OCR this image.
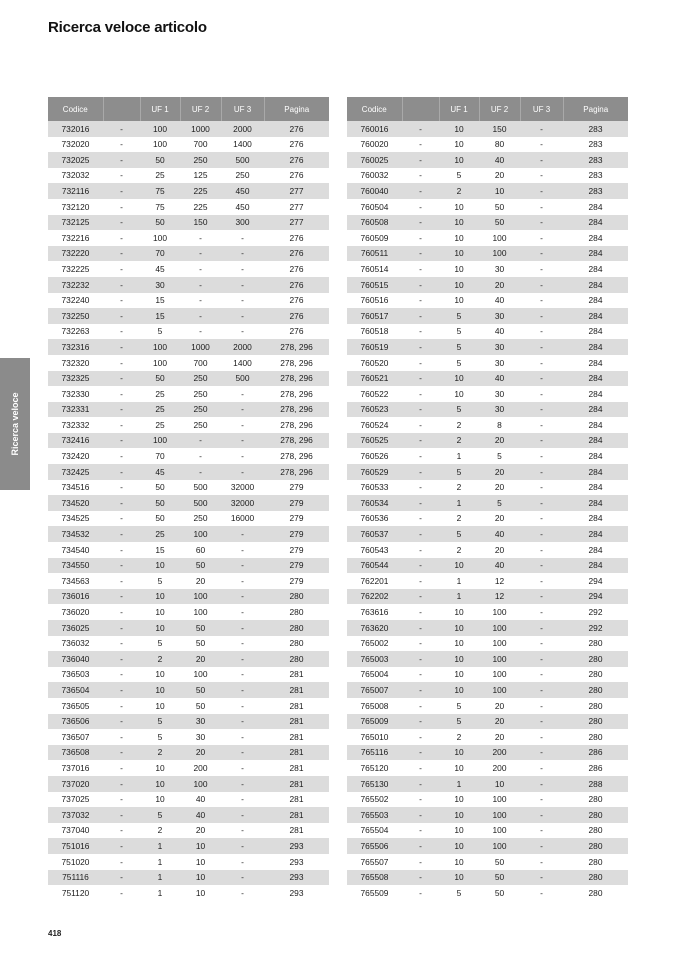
Ricerca veloce articolo
Ricerca veloce
Codice		UF 1	UF 2	UF 3	Pagina
732016	-	100	1000	2000	276
732020	-	100	700	1400	276
732025	-	50	250	500	276
732032	-	25	125	250	276
732116	-	75	225	450	277
732120	-	75	225	450	277
732125	-	50	150	300	277
732216	-	100	-	-	276
732220	-	70	-	-	276
732225	-	45	-	-	276
732232	-	30	-	-	276
732240	-	15	-	-	276
732250	-	15	-	-	276
732263	-	5	-	-	276
732316	-	100	1000	2000	278, 296
732320	-	100	700	1400	278, 296
732325	-	50	250	500	278, 296
732330	-	25	250	-	278, 296
732331	-	25	250	-	278, 296
732332	-	25	250	-	278, 296
732416	-	100	-	-	278, 296
732420	-	70	-	-	278, 296
732425	-	45	-	-	278, 296
734516	-	50	500	32000	279
734520	-	50	500	32000	279
734525	-	50	250	16000	279
734532	-	25	100	-	279
734540	-	15	60	-	279
734550	-	10	50	-	279
734563	-	5	20	-	279
736016	-	10	100	-	280
736020	-	10	100	-	280
736025	-	10	50	-	280
736032	-	5	50	-	280
736040	-	2	20	-	280
736503	-	10	100	-	281
736504	-	10	50	-	281
736505	-	10	50	-	281
736506	-	5	30	-	281
736507	-	5	30	-	281
736508	-	2	20	-	281
737016	-	10	200	-	281
737020	-	10	100	-	281
737025	-	10	40	-	281
737032	-	5	40	-	281
737040	-	2	20	-	281
751016	-	1	10	-	293
751020	-	1	10	-	293
751116	-	1	10	-	293
751120	-	1	10	-	293
Codice		UF 1	UF 2	UF 3	Pagina
760016	-	10	150	-	283
760020	-	10	80	-	283
760025	-	10	40	-	283
760032	-	5	20	-	283
760040	-	2	10	-	283
760504	-	10	50	-	284
760508	-	10	50	-	284
760509	-	10	100	-	284
760511	-	10	100	-	284
760514	-	10	30	-	284
760515	-	10	20	-	284
760516	-	10	40	-	284
760517	-	5	30	-	284
760518	-	5	40	-	284
760519	-	5	30	-	284
760520	-	5	30	-	284
760521	-	10	40	-	284
760522	-	10	30	-	284
760523	-	5	30	-	284
760524	-	2	8	-	284
760525	-	2	20	-	284
760526	-	1	5	-	284
760529	-	5	20	-	284
760533	-	2	20	-	284
760534	-	1	5	-	284
760536	-	2	20	-	284
760537	-	5	40	-	284
760543	-	2	20	-	284
760544	-	10	40	-	284
762201	-	1	12	-	294
762202	-	1	12	-	294
763616	-	10	100	-	292
763620	-	10	100	-	292
765002	-	10	100	-	280
765003	-	10	100	-	280
765004	-	10	100	-	280
765007	-	10	100	-	280
765008	-	5	20	-	280
765009	-	5	20	-	280
765010	-	2	20	-	280
765116	-	10	200	-	286
765120	-	10	200	-	286
765130	-	1	10	-	288
765502	-	10	100	-	280
765503	-	10	100	-	280
765504	-	10	100	-	280
765506	-	10	100	-	280
765507	-	10	50	-	280
765508	-	10	50	-	280
765509	-	5	50	-	280
418
